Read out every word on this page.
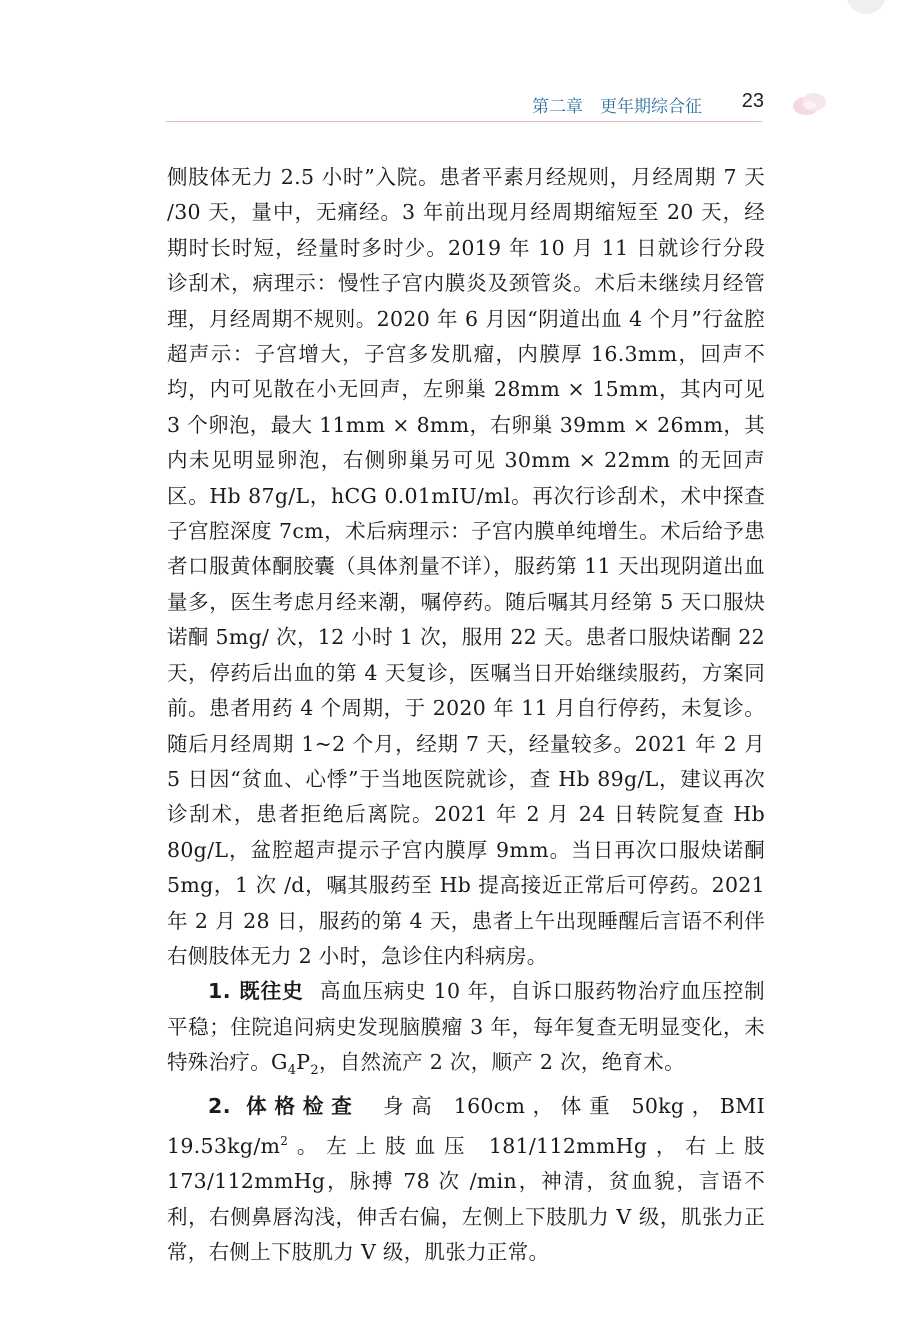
第二章　更年期综合征 23

侧肢体无力 2.5 小时”入院。患者平素月经规则，月经周期 7 天 /30 天，量中，无痛经。3 年前出现月经周期缩短至 20 天，经期时长时短，经量时多时少。2019 年 10 月 11 日就诊行分段诊刮术，病理示：慢性子宫内膜炎及颈管炎。术后未继续月经管理，月经周期不规则。2020 年 6 月因“阴道出血 4 个月”行盆腔超声示：子宫增大，子宫多发肌瘤，内膜厚 16.3mm，回声不均，内可见散在小无回声，左卵巢 28mm × 15mm，其内可见 3 个卵泡，最大 11mm × 8mm，右卵巢 39mm × 26mm，其内未见明显卵泡，右侧卵巢另可见 30mm × 22mm 的无回声区。Hb 87g/L，hCG 0.01mIU/ml。再次行诊刮术，术中探查子宫腔深度 7cm，术后病理示：子宫内膜单纯增生。术后给予患者口服黄体酮胶囊（具体剂量不详），服药第 11 天出现阴道出血量多，医生考虑月经来潮，嘱停药。随后嘱其月经第 5 天口服炔诺酮 5mg/ 次，12 小时 1 次，服用 22 天。患者口服炔诺酮 22 天，停药后出血的第 4 天复诊，医嘱当日开始继续服药，方案同前。患者用药 4 个周期，于 2020 年 11 月自行停药，未复诊。随后月经周期 1~2 个月，经期 7 天，经量较多。2021 年 2 月 5 日因“贫血、心悸”于当地医院就诊，查 Hb 89g/L，建议再次诊刮术，患者拒绝后离院。2021 年 2 月 24 日转院复查 Hb 80g/L，盆腔超声提示子宫内膜厚 9mm。当日再次口服炔诺酮 5mg，1 次 /d，嘱其服药至 Hb 提高接近正常后可停药。2021 年 2 月 28 日，服药的第 4 天，患者上午出现睡醒后言语不利伴右侧肢体无力 2 小时，急诊住内科病房。

1. 既往史 高血压病史 10 年，自诉口服药物治疗血压控制平稳；住院追问病史发现脑膜瘤 3 年，每年复查无明显变化，未特殊治疗。$G_4P_2$，自然流产 2 次，顺产 2 次，绝育术。

2. 体格检查 身高 160cm，体重 50kg，BMI $19.53kg/m^2$。左上肢血压 181/112mmHg，右上肢 173/112mmHg，脉搏 78 次 /min，神清，贫血貌，言语不利，右侧鼻唇沟浅，伸舌右偏，左侧上下肢肌力 Ⅴ 级，肌张力正常，右侧上下肢肌力 Ⅴ 级，肌张力正常。
